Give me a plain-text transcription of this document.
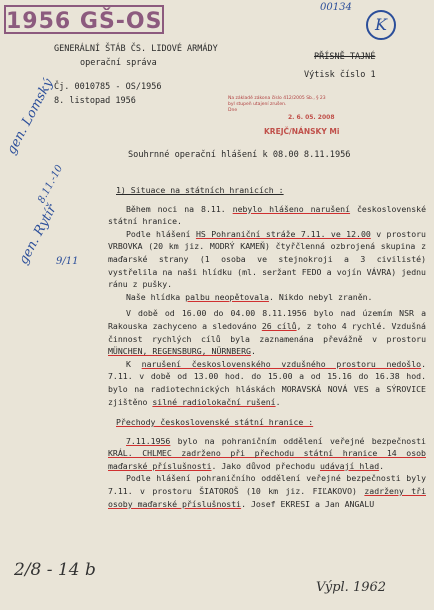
1956 GŠ-OS
00134
K
GENERÁLNÍ ŠTÁB ČS. LIDOVÉ ARMÁDY
operační správa
PŘÍSNĚ TAJNÉ
Výtisk číslo 1
Čj. 0010785 - OS/1956
8. listopad 1956	Na základě zákona číslo 412/2005 Sb., § 23
byl stupeň utajení zrušen.
Dne
2. 6. 05. 2008
KREJČ/NÁNSKY Mi
gen. Lomský
8.11.-10
gen. Rytíř
9/11
Souhrnné operační hlášení k 08.00 8.11.1956

1) Situace na státních hranicích :

Během noci na 8.11. nebylo hlášeno narušení československé státní hranice.

Podle hlášení HS Pohraniční stráže 7.11. ve 12.00 v prostoru VRBOVKA (20 km jiz. MODRÝ KAMEŇ) čtyřčlenná ozbrojená skupina z maďarské strany (1 osoba ve stejnokroji a 3 civilisté) vystřelila na naši hlídku (ml. seržant FEDO a vojín VÁVRA) jednu ránu z pušky.

Naše hlídka palbu neopětovala. Nikdo nebyl zraněn.

V době od 16.00 do 04.00 8.11.1956 bylo nad územím NSR a Rakouska zachyceno a sledováno 26 cílů, z toho 4 rychlé. Vzdušná činnost rychlých cílů byla zaznamenána převážně v prostoru MÜNCHEN, REGENSBURG, NÜRNBERG.

K narušení československého vzdušného prostoru nedošlo. 7.11. v době od 13.00 hod. do 15.00 a od 15.16 do 16.38 hod. bylo na radiotechnických hláskách MORAVSKÁ NOVÁ VES a SÝROVICE zjištěno silné radiolokační rušení.

Přechody československé státní hranice :

7.11.1956 bylo na pohraničním oddělení veřejné bezpečnosti KRÁL. CHLMEC zadrženo při přechodu státní hranice 14 osob maďarské příslušnosti. Jako důvod přechodu udávají hlad.

Podle hlášení pohraničního oddělení veřejné bezpečnosti byly 7.11. v prostoru ŠIATOROŠ (10 km jiz. FIĽAKOVO) zadrženy tři osoby maďarské příslušnosti. Josef EKRESI a Jan ANGALU

2/8 - 14 b
Výpl. 1962
